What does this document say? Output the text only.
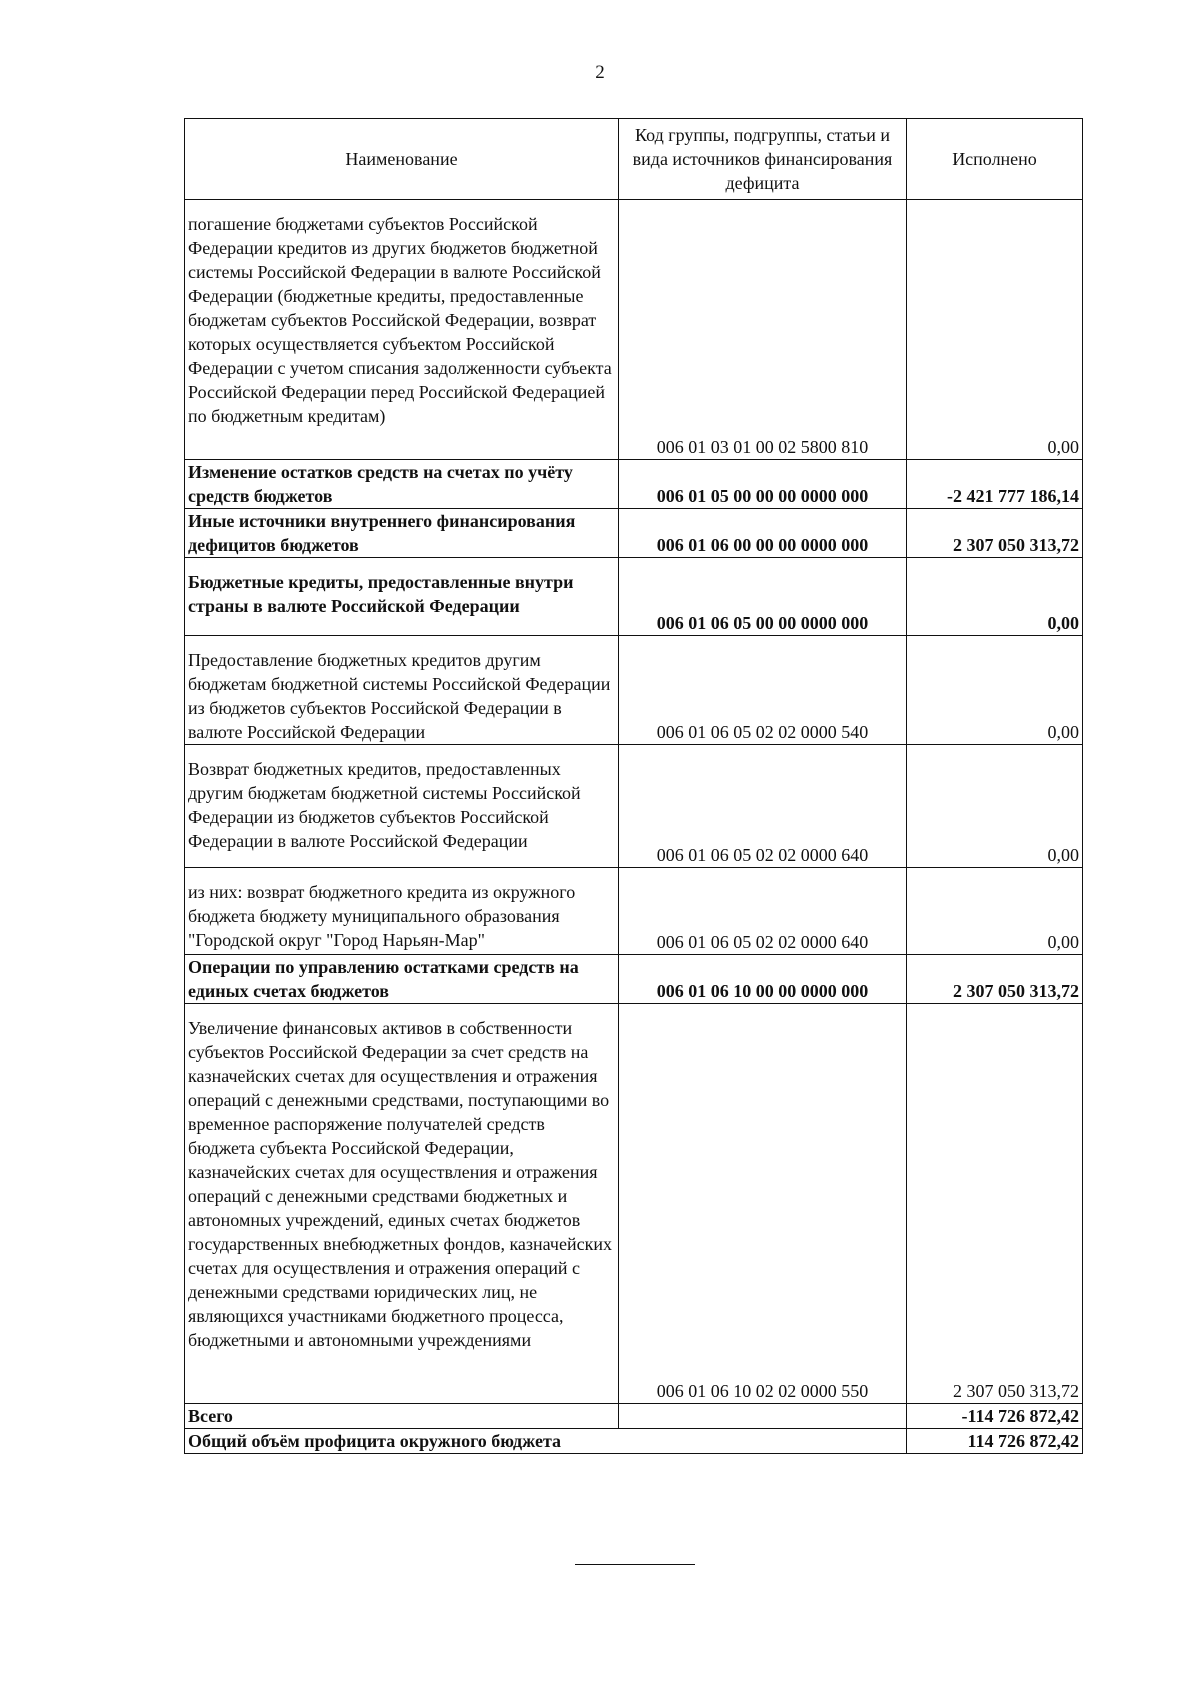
2
Наименование	Код группы, подгруппы, статьи и вида источников финансирования дефицита	Исполнено
погашение бюджетами субъектов Российской Федерации кредитов из других бюджетов бюджетной системы Российской Федерации в валюте Российской Федерации (бюджетные кредиты, предоставленные бюджетам субъектов Российской Федерации, возврат которых осуществляется субъектом Российской Федерации с учетом списания задолженности субъекта Российской Федерации перед Российской Федерацией по бюджетным кредитам)	006 01 03 01 00 02 5800 810	0,00
Изменение остатков средств на счетах по учёту средств бюджетов	006 01 05 00 00 00 0000 000	-2 421 777 186,14
Иные источники внутреннего финансирования дефицитов бюджетов	006 01 06 00 00 00 0000 000	2 307 050 313,72
Бюджетные кредиты, предоставленные внутри страны в валюте Российской Федерации	006 01 06 05 00 00 0000 000	0,00
Предоставление бюджетных кредитов другим бюджетам бюджетной системы Российской Федерации из бюджетов субъектов Российской Федерации в валюте Российской Федерации	006 01 06 05 02 02 0000 540	0,00
Возврат бюджетных кредитов, предоставленных другим бюджетам бюджетной системы Российской Федерации из бюджетов субъектов Российской Федерации в валюте Российской Федерации	006 01 06 05 02 02 0000 640	0,00
из них: возврат бюджетного кредита из окружного бюджета бюджету муниципального образования "Городской округ "Город Нарьян-Мар"	006 01 06 05 02 02 0000 640	0,00
Операции по управлению остатками средств на единых счетах бюджетов	006 01 06 10 00 00 0000 000	2 307 050 313,72
Увеличение финансовых активов в собственности субъектов Российской Федерации за счет средств на казначейских счетах для осуществления и отражения операций с денежными средствами, поступающими во временное распоряжение получателей средств бюджета субъекта Российской Федерации, казначейских счетах для осуществления и отражения операций с денежными средствами бюджетных и автономных учреждений, единых счетах бюджетов государственных внебюджетных фондов, казначейских счетах для осуществления и отражения операций с денежными средствами юридических лиц, не являющихся участниками бюджетного процесса, бюджетными и автономными учреждениями	006 01 06 10 02 02 0000 550	2 307 050 313,72
Всего		-114 726 872,42
Общий объём профицита окружного бюджета		114 726 872,42
